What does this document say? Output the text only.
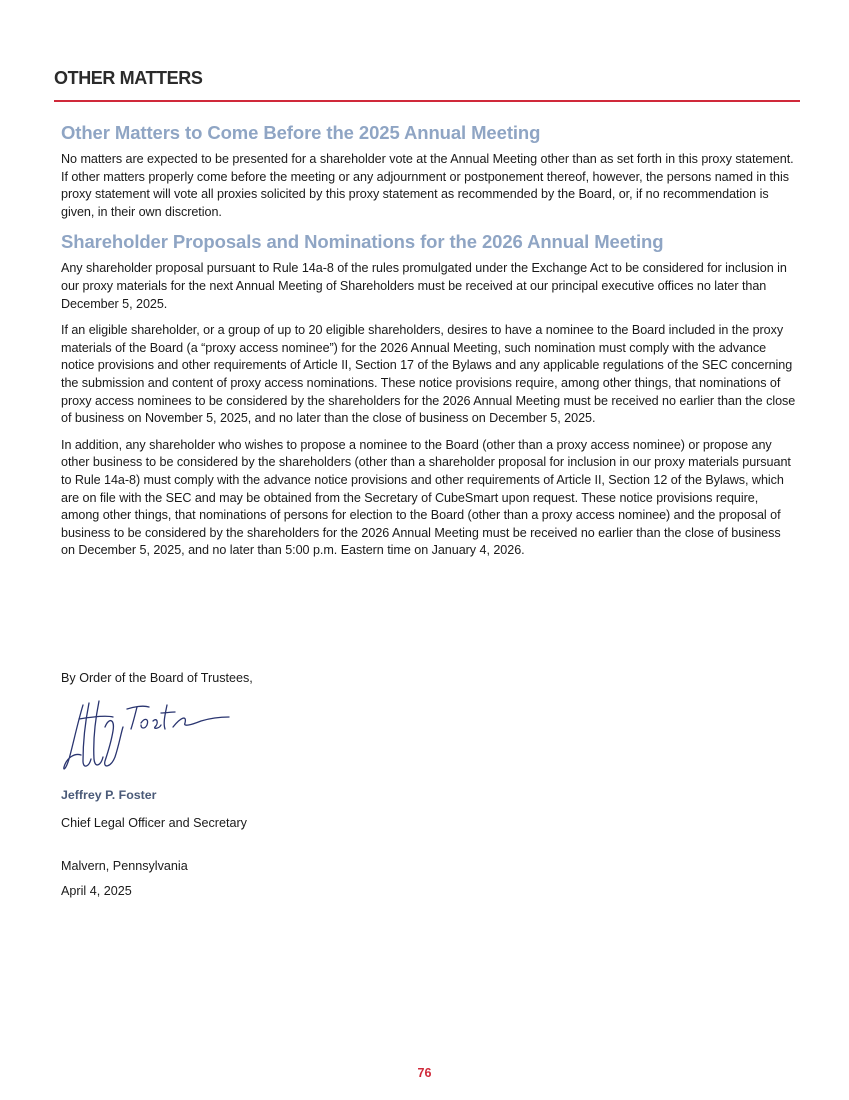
OTHER MATTERS
Other Matters to Come Before the 2025 Annual Meeting

No matters are expected to be presented for a shareholder vote at the Annual Meeting other than as set forth in this proxy statement. If other matters properly come before the meeting or any adjournment or postponement thereof, however, the persons named in this proxy statement will vote all proxies solicited by this proxy statement as recommended by the Board, or, if no recommendation is given, in their own discretion.

Shareholder Proposals and Nominations for the 2026 Annual Meeting

Any shareholder proposal pursuant to Rule 14a-8 of the rules promulgated under the Exchange Act to be considered for inclusion in our proxy materials for the next Annual Meeting of Shareholders must be received at our principal executive offices no later than December 5, 2025.

If an eligible shareholder, or a group of up to 20 eligible shareholders, desires to have a nominee to the Board included in the proxy materials of the Board (a “proxy access nominee”) for the 2026 Annual Meeting, such nomination must comply with the advance notice provisions and other requirements of Article II, Section 17 of the Bylaws and any applicable regulations of the SEC concerning the submission and content of proxy access nominations. These notice provisions require, among other things, that nominations of proxy access nominees to be considered by the shareholders for the 2026 Annual Meeting must be received no earlier than the close of business on November 5, 2025, and no later than the close of business on December 5, 2025.

In addition, any shareholder who wishes to propose a nominee to the Board (other than a proxy access nominee) or propose any other business to be considered by the shareholders (other than a shareholder proposal for inclusion in our proxy materials pursuant to Rule 14a-8) must comply with the advance notice provisions and other requirements of Article II, Section 12 of the Bylaws, which are on file with the SEC and may be obtained from the Secretary of CubeSmart upon request. These notice provisions require, among other things, that nominations of persons for election to the Board (other than a proxy access nominee) and the proposal of business to be considered by the shareholders for the 2026 Annual Meeting must be received no earlier than the close of business on December 5, 2025, and no later than 5:00 p.m. Eastern time on January 4, 2026.

By Order of the Board of Trustees,
Jeffrey P. Foster
Chief Legal Officer and Secretary
Malvern, Pennsylvania
April 4, 2025
76
